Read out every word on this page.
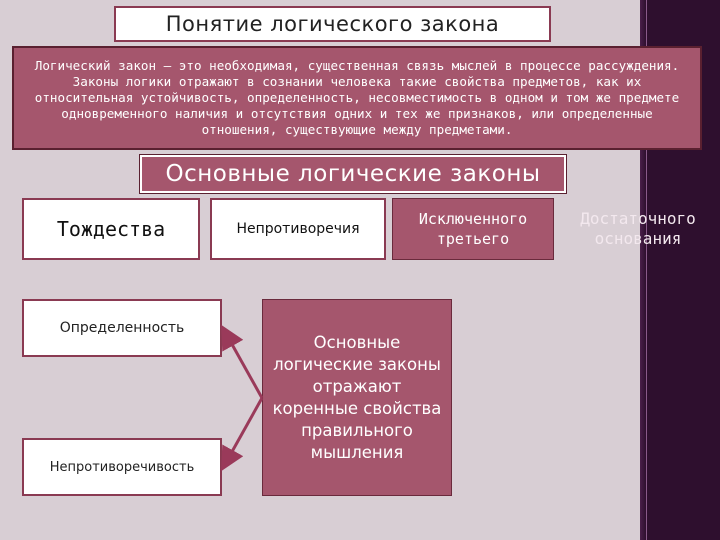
Понятие логического закона
Логический закон – это необходимая, существенная связь мыслей в процессе рассуждения. Законы логики отражают в сознании человека такие свойства предметов, как их относительная устойчивость, определенность, несовместимость в одном и том же предмете одновременного наличия и отсутствия одних и тех же признаков, или определенные отношения, существующие между предметами.
Основные логические законы
Тождества	Непротиворечия
Исключенного третьего
Достаточного основания
Определенность
Непротиворечивость
Основные логические законы отражают коренные свойства правильного мышления
